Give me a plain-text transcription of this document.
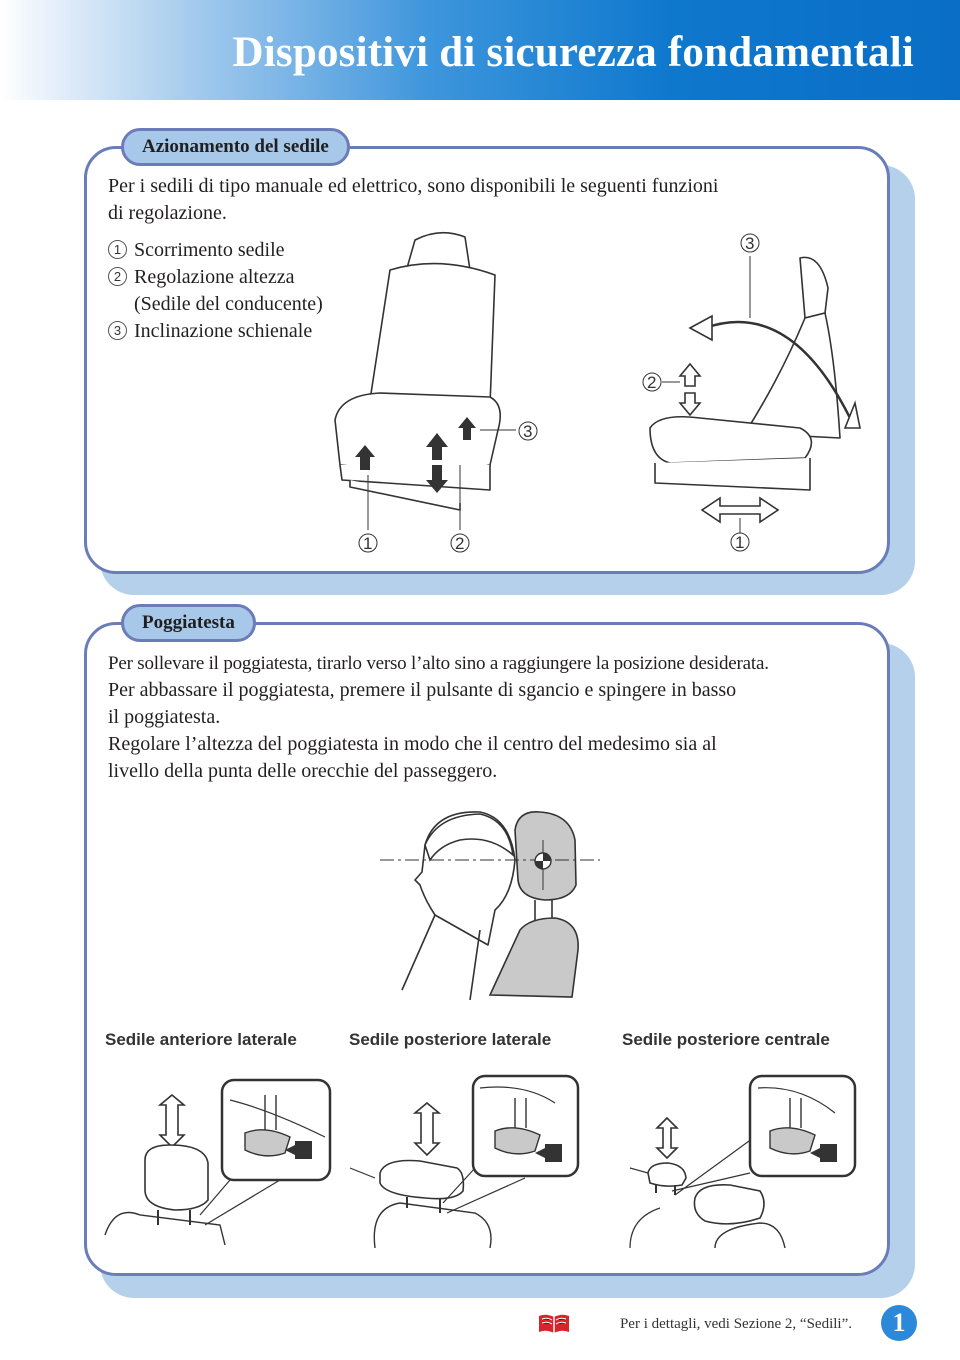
Dispositivi di sicurezza fondamentali
Azionamento del sedile
Per i sedili di tipo manuale ed elettrico, sono disponibili le seguenti funzioni
di regolazione.
1 Scorrimento sedile
2 Regolazione altezza
(Sedile del conducente)
3 Inclinazione schienale
1	2
3
3
2
1
Poggiatesta
Per sollevare il poggiatesta, tirarlo verso l’alto sino a raggiungere la posizione desiderata.
Per abbassare il poggiatesta, premere il pulsante di sgancio e spingere in basso
il poggiatesta.
Regolare l’altezza del poggiatesta in modo che il centro del medesimo sia al
livello della punta delle orecchie del passeggero.
Sedile anteriore laterale	Sedile posteriore laterale	Sedile posteriore centrale
Per i dettagli, vedi Sezione 2, “Sedili”.	1
